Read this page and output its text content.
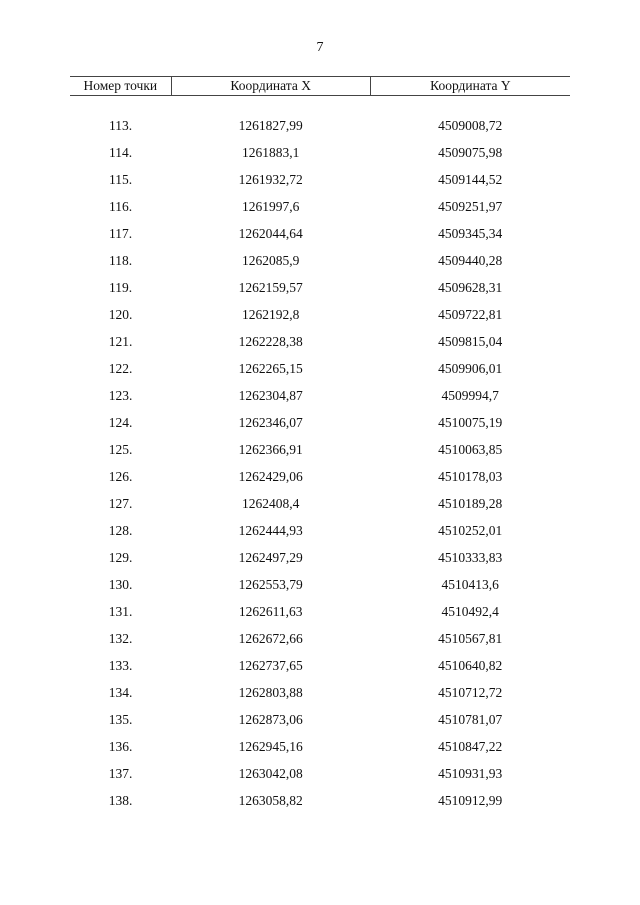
7
Номер точки	Координата X	Координата Y

113.	1261827,99	4509008,72
114.	1261883,1	4509075,98
115.	1261932,72	4509144,52
116.	1261997,6	4509251,97
117.	1262044,64	4509345,34
118.	1262085,9	4509440,28
119.	1262159,57	4509628,31
120.	1262192,8	4509722,81
121.	1262228,38	4509815,04
122.	1262265,15	4509906,01
123.	1262304,87	4509994,7
124.	1262346,07	4510075,19
125.	1262366,91	4510063,85
126.	1262429,06	4510178,03
127.	1262408,4	4510189,28
128.	1262444,93	4510252,01
129.	1262497,29	4510333,83
130.	1262553,79	4510413,6
131.	1262611,63	4510492,4
132.	1262672,66	4510567,81
133.	1262737,65	4510640,82
134.	1262803,88	4510712,72
135.	1262873,06	4510781,07
136.	1262945,16	4510847,22
137.	1263042,08	4510931,93
138.	1263058,82	4510912,99
